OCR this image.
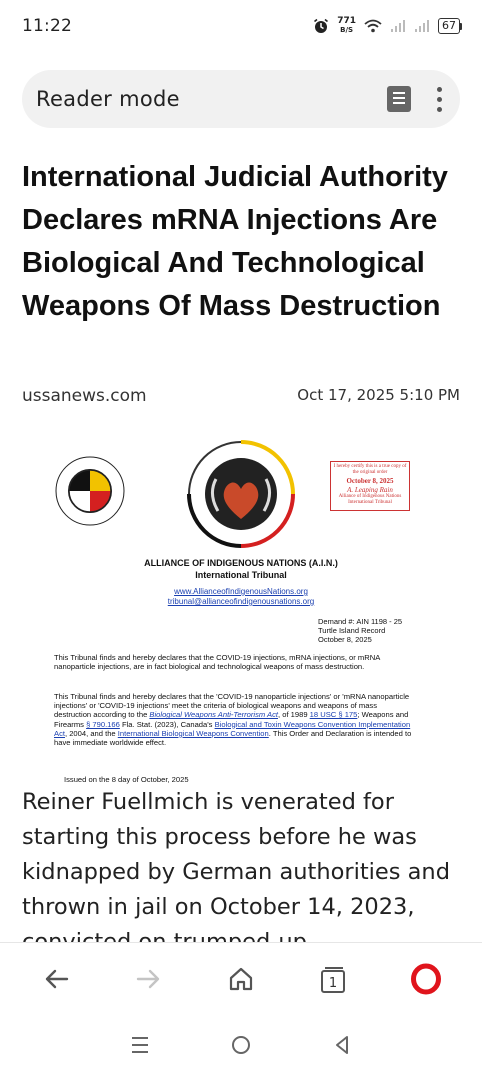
11:22	771
B/S	67
Reader mode
International Judicial Authority Declares mRNA Injections Are Biological And Technological Weapons Of Mass Destruction
ussanews.com	Oct 17, 2025 5:10 PM
I hereby certify this is a true copy of the original order
October 8, 2025
A. Leaping Rain
Alliance of Indigenous Nations International Tribunal
ALLIANCE OF INDIGENOUS NATIONS (A.I.N.)
International Tribunal
www.AllianceofIndigenousNations.org
tribunal@allianceofindigenousnations.org
Demand #: AIN 1198 - 25
Turtle Island Record
October 8, 2025
This Tribunal finds and hereby declares that the COVID-19 injections, mRNA injections, or mRNA nanoparticle injections, are in fact biological and technological weapons of mass destruction.
This Tribunal finds and hereby declares that the 'COVID-19 nanoparticle injections' or 'mRNA nanoparticle injections' or 'COVID-19 injections' meet the criteria of biological weapons and weapons of mass destruction according to the Biological Weapons Anti-Terrorism Act, of 1989 18 USC § 175; Weapons and Firearms § 790.166 Fla. Stat. (2023), Canada's Biological and Toxin Weapons Convention Implementation Act, 2004, and the International Biological Weapons Convention. This Order and Declaration is intended to have immediate worldwide effect.
Issued on the 8 day of October, 2025

Reiner Fuellmich is venerated for starting this process before he was kidnapped by German authorities and thrown in jail on October 14, 2023,

1
